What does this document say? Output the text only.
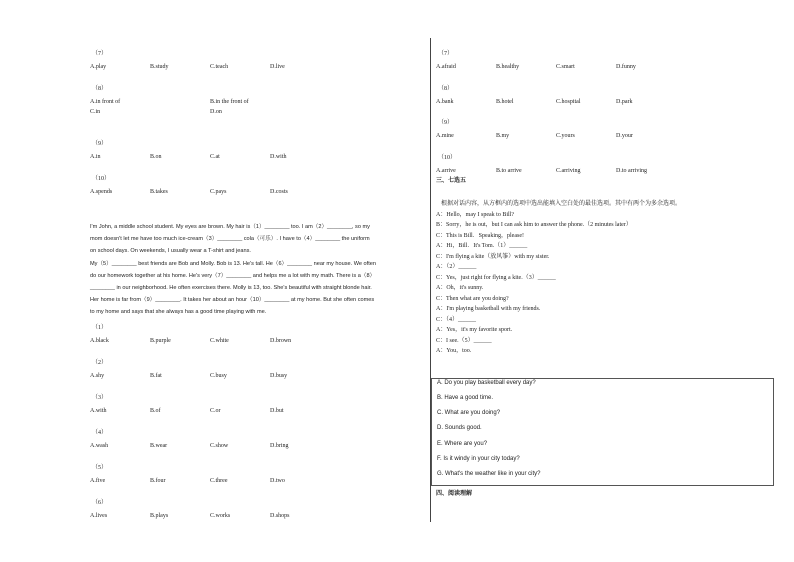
（7）
A.play	B.study	C.teach	D.live
（8）
A.in front of	B.in the front of
C.in	D.on
（9）
A.in	B.on	C.at	D.with
（10）
A.spends	B.takes	C.pays	D.costs
I'm John, a middle school student. My eyes are brown. My hair is（1）________ too. I am（2）________, so my
mom doesn't let me have too much ice-cream（3）________ cola（可乐）. I have to（4）________ the uniform
on school days. On weekends, I usually wear a T-shirt and jeans.
My（5）________ best friends are Bob and Molly. Bob is 13. He's tall. He（6）________ near my house. We often
do our homework together at his home. He's very（7）________ and helps me a lot with my math. There is a（8）
________ in our neighborhood. He often exercises there. Molly is 13, too. She's beautiful with straight blonde hair.
Her home is far from（9）________. It takes her about an hour（10）________ at my home. But she often comes
to my home and says that she always has a good time playing with me.
（1）
A.black	B.purple	C.white	D.brown
（2）
A.shy	B.fat	C.busy	D.busy
（3）
A.with	B.of	C.or	D.but
（4）
A.wash	B.wear	C.show	D.bring
（5）
A.five	B.four	C.three	D.two
（6）
A.lives	B.plays	C.works	D.shops
（7）
A.afraid	B.healthy	C.smart	D.funny
（8）
A.bank	B.hotel	C.hospital	D.park
（9）
A.mine	B.my	C.yours	D.your
（10）
A.arrive	B.to arrive	C.arriving	D.to arriving
三、七选五
根据对话内容，从方框内的选项中选出能填入空白处的最佳选项。其中有两个为多余选项。
A：Hello，may I speak to Bill?
B：Sorry，he is out，but I can ask him to answer the phone.（2 minutes later）
C：This is Bill．Speaking，please!
A：Hi，Bill．It's Tom.（1）______
C：I'm flying a kite（放风筝）with my sister.
A：（2）______
C：Yes，just right for flying a kite.（3）______
A：Oh，it's sunny.
C：Then what are you doing?
A：I'm playing basketball with my friends.
C：（4）______
A：Yes，it's my favorite sport.
C：I see.（5）______
A：You，too.
A. Do you play basketball every day?
B. Have a good time.
C. What are you doing?
D. Sounds good.
E. Where are you?
F. Is it windy in your city today?
G. What's the weather like in your city?
四、阅读理解
